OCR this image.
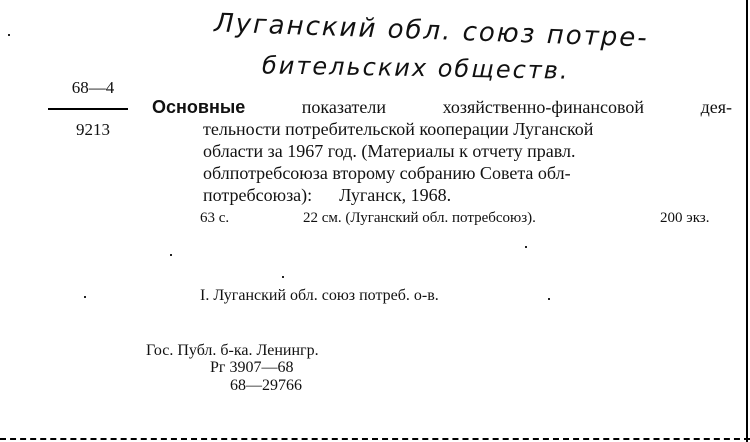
Луганский обл. союз потре-
бительских обществ.
68—4
9213
Основные	показатели хозяйственно-финансовой дея-
тельности потребительской кооперации Луганской
области за 1967 год. (Материалы к отчету правл.
облпотребсоюза второму собранию Совета обл-
потребсоюза):      Луганск, 1968.
63 с.	22 см. (Луганский обл. потребсоюз).	200 экз.
I. Луганский обл. союз потреб. о-в.
Гос. Публ. б-ка. Ленингр.
Рг 3907—68
68—29766
